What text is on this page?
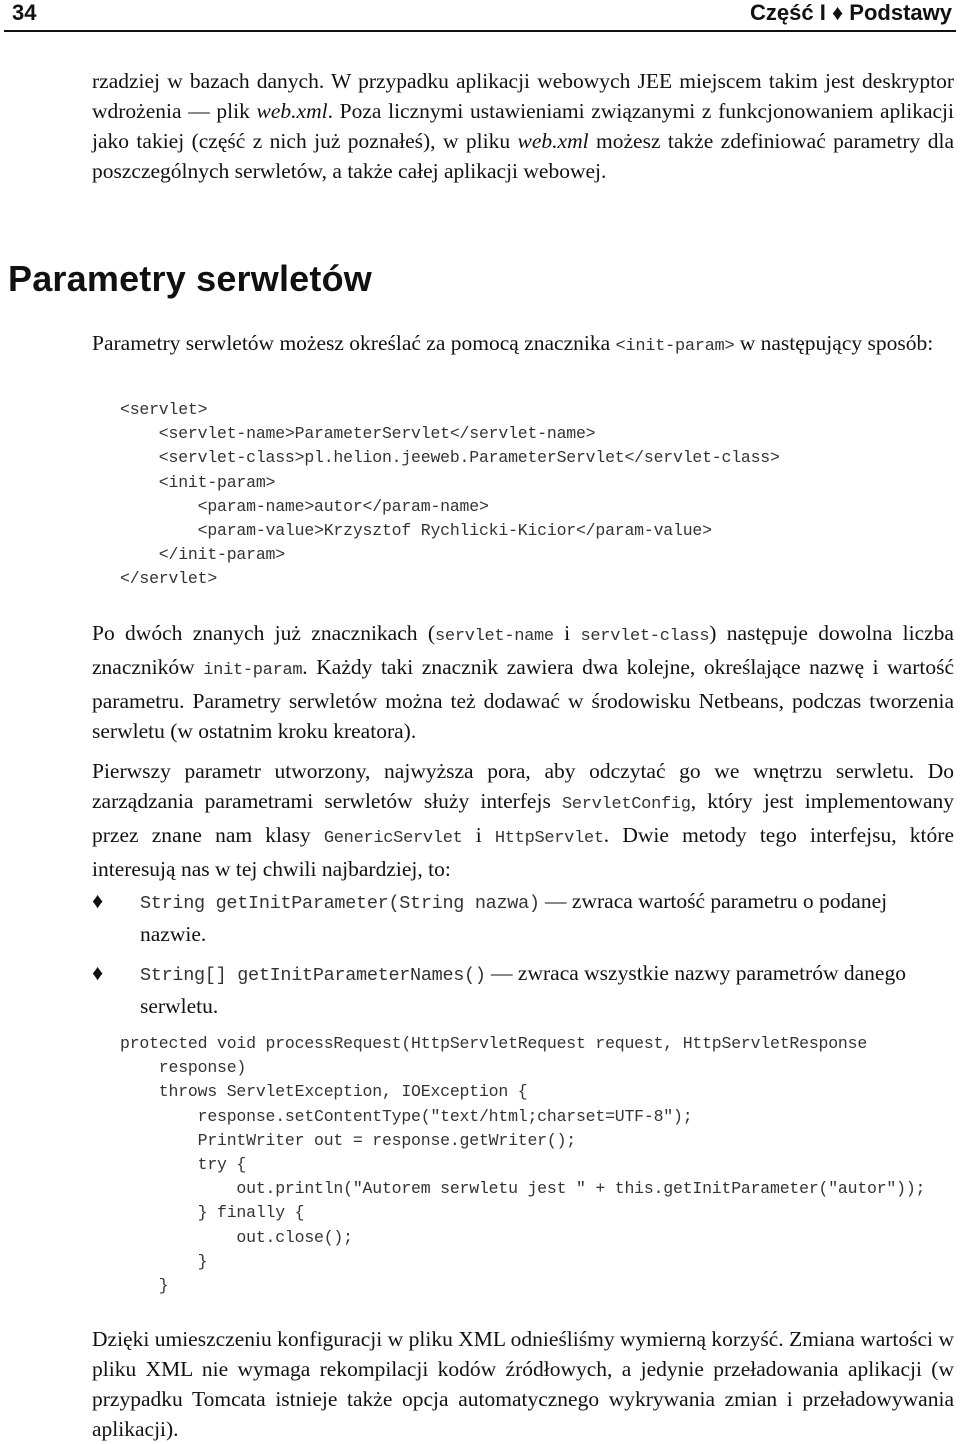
34	Część I ♦ Podstawy

rzadziej w bazach danych. W przypadku aplikacji webowych JEE miejscem takim jest deskryptor wdrożenia — plik web.xml. Poza licznymi ustawieniami związanymi z funkcjonowaniem aplikacji jako takiej (część z nich już poznałeś), w pliku web.xml możesz także zdefiniować parametry dla poszczególnych serwletów, a także całej aplikacji webowej.

Parametry serwletów

Parametry serwletów możesz określać za pomocą znacznika <init-param> w następujący sposób:

<servlet>
<servlet-name>ParameterServlet</servlet-name>
<servlet-class>pl.helion.jeeweb.ParameterServlet</servlet-class>
<init-param>
<param-name>autor</param-name>
<param-value>Krzysztof Rychlicki-Kicior</param-value>
</init-param>
</servlet>

Po dwóch znanych już znacznikach (servlet-name i servlet-class) następuje dowolna liczba znaczników init-param. Każdy taki znacznik zawiera dwa kolejne, określające nazwę i wartość parametru. Parametry serwletów można też dodawać w środowisku Netbeans, podczas tworzenia serwletu (w ostatnim kroku kreatora).

Pierwszy parametr utworzony, najwyższa pora, aby odczytać go we wnętrzu serwletu. Do zarządzania parametrami serwletów służy interfejs ServletConfig, który jest implementowany przez znane nam klasy GenericServlet i HttpServlet. Dwie metody tego interfejsu, które interesują nas w tej chwili najbardziej, to:

♦ String getInitParameter(String nazwa) — zwraca wartość parametru o podanej nazwie.
♦ String[] getInitParameterNames() — zwraca wszystkie nazwy parametrów danego serwletu.
protected void processRequest(HttpServletRequest request, HttpServletResponse
response)
throws ServletException, IOException {
response.setContentType("text/html;charset=UTF-8");
PrintWriter out = response.getWriter();
try {
out.println("Autorem serwletu jest " + this.getInitParameter("autor"));
} finally {
out.close();
}
}

Dzięki umieszczeniu konfiguracji w pliku XML odnieśliśmy wymierną korzyść. Zmiana wartości w pliku XML nie wymaga rekompilacji kodów źródłowych, a jedynie przeładowania aplikacji (w przypadku Tomcata istnieje także opcja automatycznego wykrywania zmian i przeładowywania aplikacji).
